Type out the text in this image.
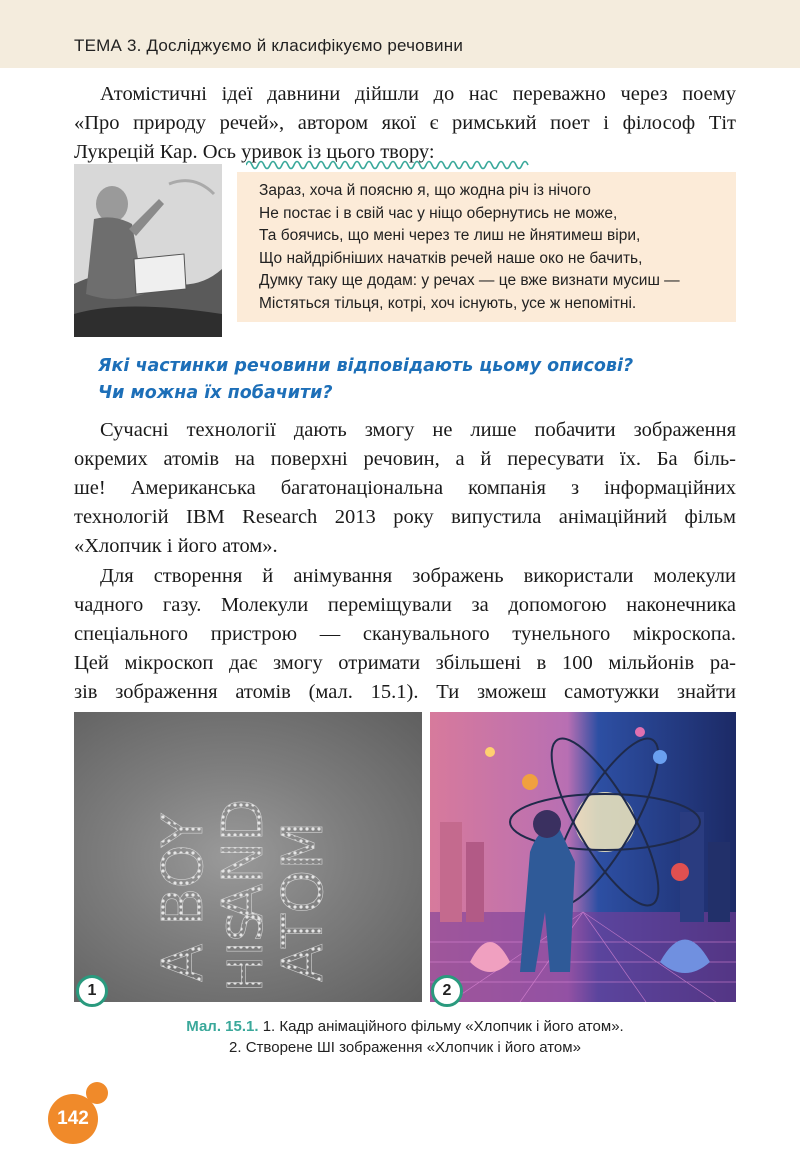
ТЕМА 3. Досліджуємо й класифікуємо речовини
Атомістичні ідеї давнини дійшли до нас переважно через поему
«Про природу речей», автором якої є римський поет і філософ Тіт
Лукрецій Кар. Ось уривок із цього твору:
Зараз, хоча й поясню я, що жодна річ із нічого
Не постає і в свій час у ніщо обернутись не може,
Та боячись, що мені через те лиш не йнятимеш віри,
Що найдрібніших начатків речей наше око не бачить,
Думку таку ще додам: у речах — це вже визнати мусиш —
Містяться тільця, котрі, хоч існують, усе ж непомітні.
Які частинки речовини відповідають цьому описові?
Чи можна їх побачити?
Сучасні технології дають змогу не лише побачити зображення
окремих атомів на поверхні речовин, а й пересувати їх. Ба біль-
ше! Американська багатонаціональна компанія з інформаційних
технологій IBM Research 2013 року випустила анімаційний фільм
«Хлопчик і його атом».
Для створення й анімування зображень використали молекули
чадного газу. Молекули переміщували за допомогою наконечника
спеціального пристрою — сканувального тунельного мікроскопа.
Цей мікроскоп дає змогу отримати збільшені в 100 мільйонів ра-
зів зображення атомів (мал. 15.1). Ти зможеш самотужки знайти
A BOY
AND
HIS
ATOM
1	2
Мал. 15.1. 1. Кадр анімаційного фільму «Хлопчик і його атом».
2. Створене ШІ зображення «Хлопчик і його атом»
142
